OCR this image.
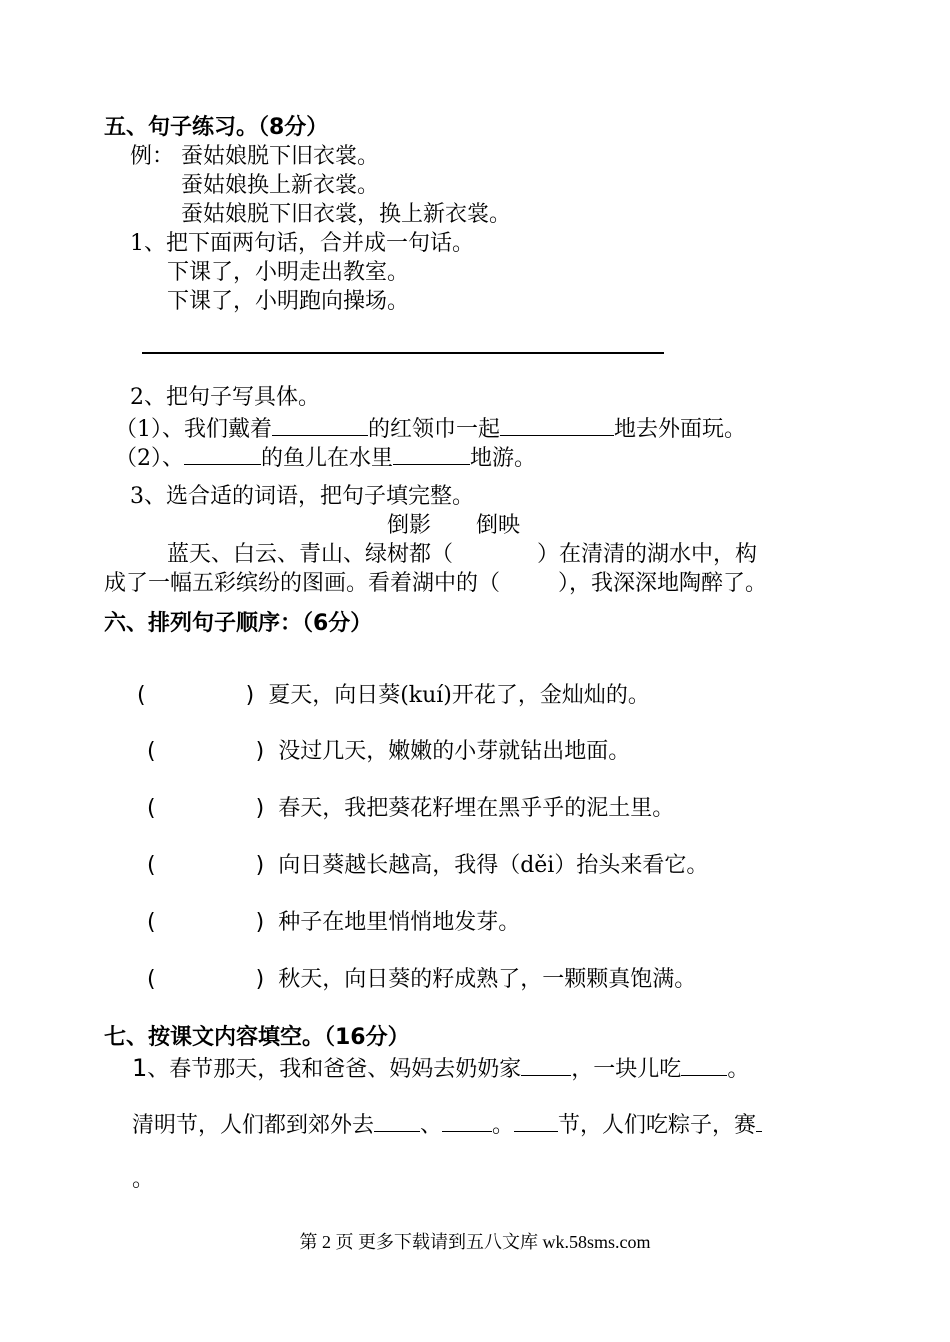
五、句子练习。（8分）
例： 蚕姑娘脱下旧衣裳。
蚕姑娘换上新衣裳。
蚕姑娘脱下旧衣裳，换上新衣裳。
1、把下面两句话，合并成一句话。
下课了，小明走出教室。
下课了，小明跑向操场。
2、把句子写具体。
（1）、我们戴着	的红领巾一起	地去外面玩。
（2）、	的鱼儿在水里	地游。
3、选合适的词语，把句子填完整。
倒影 倒映
蓝天、白云、青山、绿树都（	）在清清的湖水中，构
成了一幅五彩缤纷的图画。看着湖中的（	），我深深地陶醉了。
六、排列句子顺序：（6分）
(	) 夏天，向日葵(kuí)开花了，金灿灿的。
(	) 没过几天，嫩嫩的小芽就钻出地面。
(	) 春天，我把葵花籽埋在黑乎乎的泥土里。
(	) 向日葵越长越高，我得（děi）抬头来看它。
(	) 种子在地里悄悄地发芽。
(	) 秋天，向日葵的籽成熟了，一颗颗真饱满。
七、按课文内容填空。（16分）
1、春节那天，我和爸爸、妈妈去奶奶家 ，一块儿吃 。
清明节，人们都到郊外去 、 。 节，人们吃粽子，赛
。
第 2 页 更多下载请到五八文库 wk.58sms.com
